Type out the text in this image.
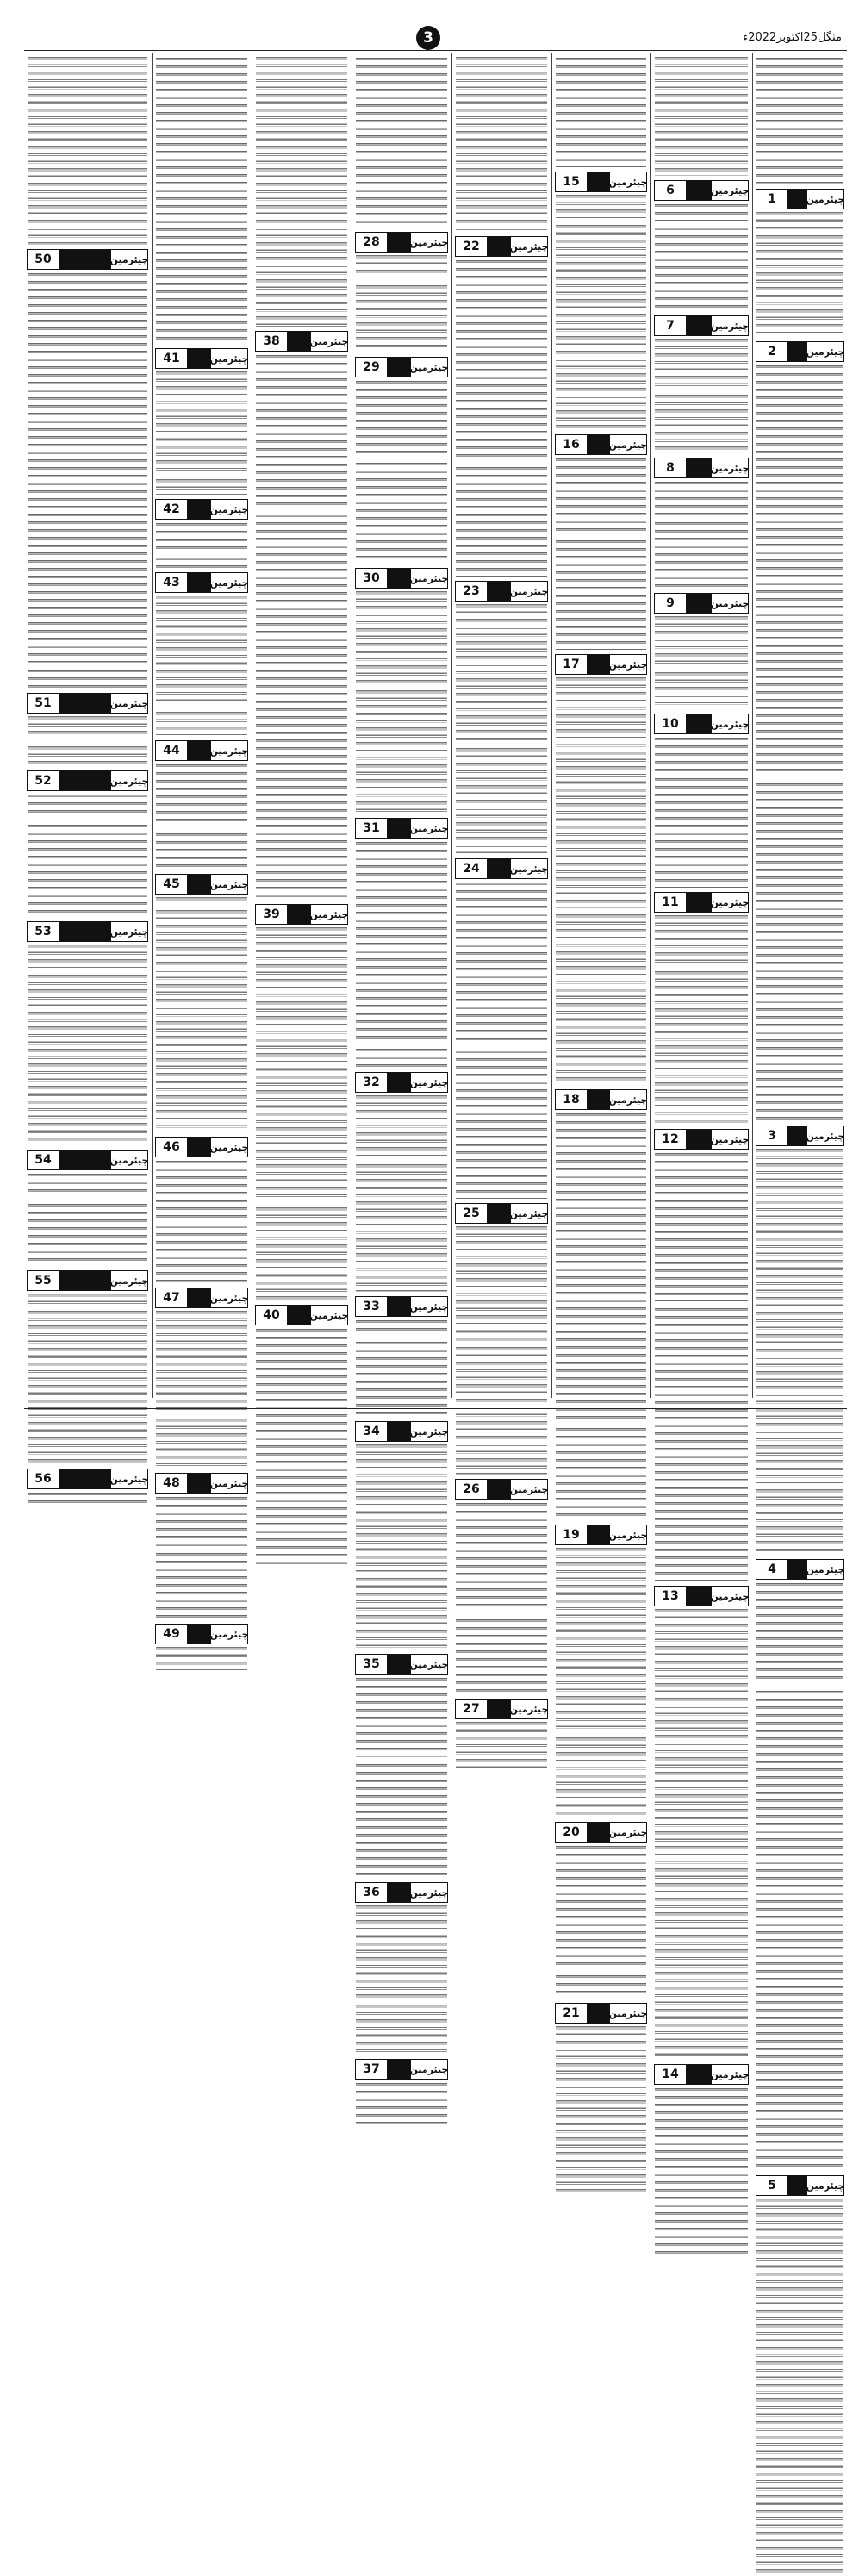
3	منگل25اکتوبر2022ء
1	چیئرمین
2	چیئرمین
3	چیئرمین
4	چیئرمین
5	چیئرمین
6	چیئرمین
7	چیئرمین
8	چیئرمین
9	چیئرمین
10	چیئرمین
11	چیئرمین
12	چیئرمین
13	چیئرمین
14	چیئرمین
15	چیئرمین
16	چیئرمین
17	چیئرمین
18	چیئرمین
19	چیئرمین
20	چیئرمین
21	چیئرمین
22	چیئرمین
23	چیئرمین
24	چیئرمین
25	چیئرمین
26	چیئرمین
27	چیئرمین
28	چیئرمین
29	چیئرمین
30	چیئرمین
31	چیئرمین
32	چیئرمین
33	چیئرمین
34	چیئرمین
35	چیئرمین
36	چیئرمین
37	چیئرمین
38	چیئرمین
39	چیئرمین
40	چیئرمین
41	چیئرمین
42	چیئرمین
43	چیئرمین
44	چیئرمین
45	چیئرمین
46	چیئرمین
47	چیئرمین
48	چیئرمین
49	چیئرمین
50	چیئرمین
51	چیئرمین
52	چیئرمین
53	چیئرمین
54	چیئرمین
55	چیئرمین
56	چیئرمین
